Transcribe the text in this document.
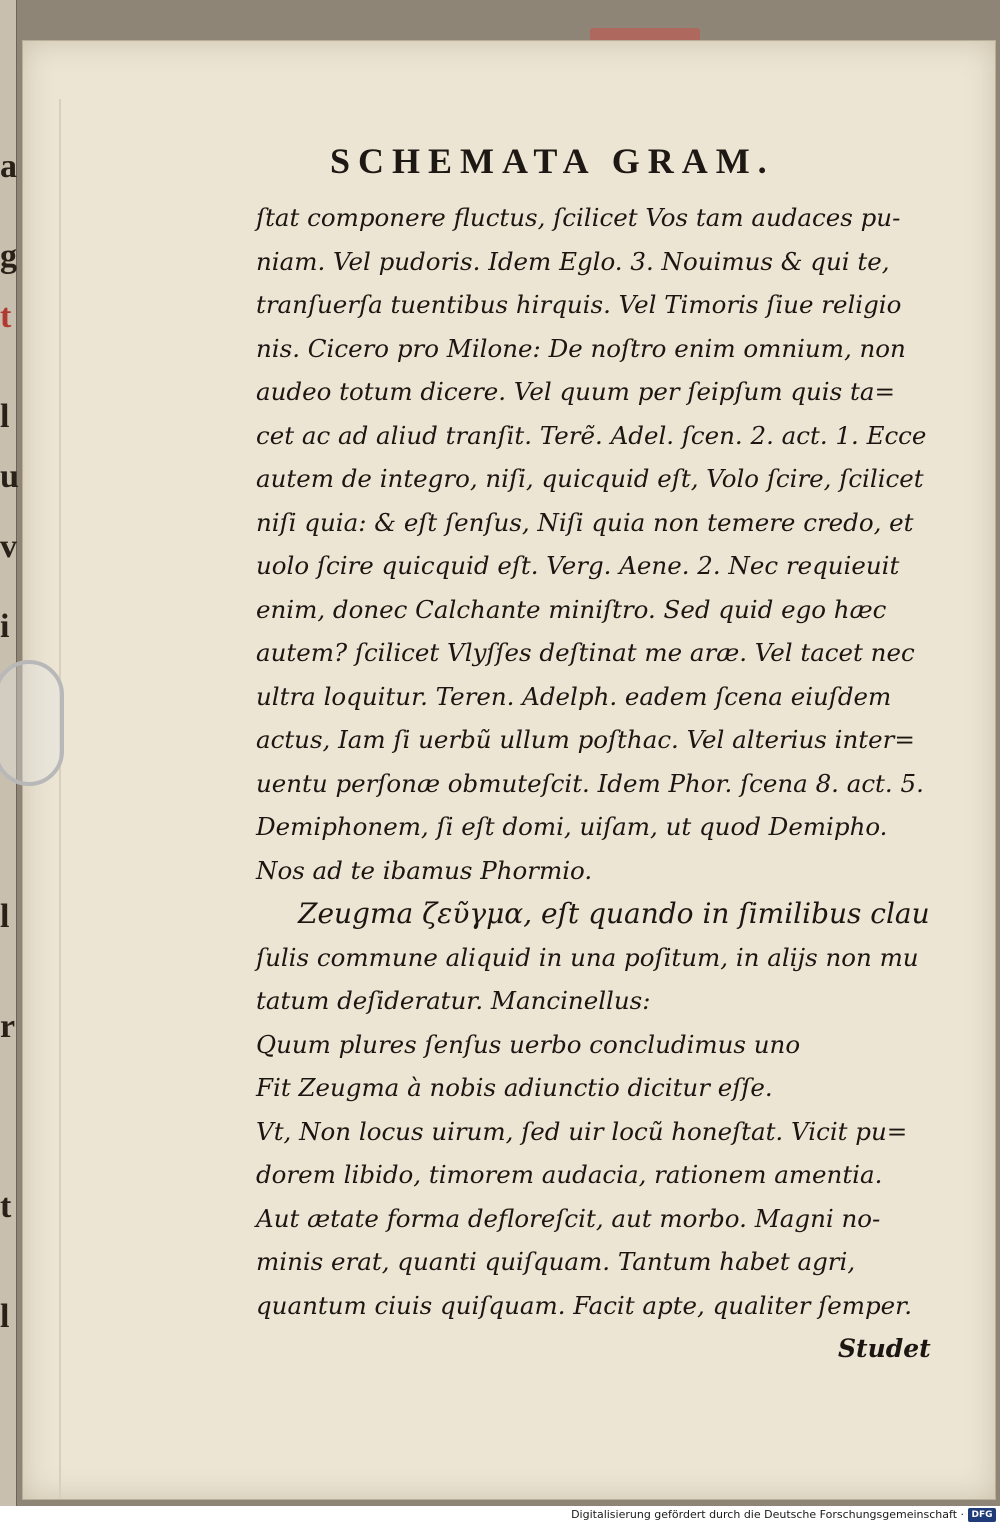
a
g
t
l
u
v
i
l
r
t
l
SCHEMATA GRAM.
ſtat componere fluctus, ſcilicet Vos tam audaces pu-
niam. Vel pudoris. Idem Eglo. 3. Nouimus & qui te,
tranſuerſa tuentibus hirquis. Vel Timoris ſiue religio
nis. Cicero pro Milone: De noſtro enim omnium, non
audeo totum dicere. Vel quum per ſeipſum quis ta=
cet ac ad aliud tranſit. Terẽ. Adel. ſcen. 2. act. 1. Ecce
autem de integro, niſi, quicquid eſt, Volo ſcire, ſcilicet
niſi quia: & eſt ſenſus, Niſi quia non temere credo, et
uolo ſcire quicquid eſt. Verg. Aene. 2. Nec requieuit
enim, donec Calchante miniſtro. Sed quid ego hæc
autem? ſcilicet Vlyſſes deſtinat me aræ. Vel tacet nec
ultra loquitur. Teren. Adelph. eadem ſcena eiuſdem
actus, Iam ſi uerbũ ullum poſthac. Vel alterius inter=
uentu perſonæ obmuteſcit. Idem Phor. ſcena 8. act. 5.
Demiphonem, ſi eſt domi, uiſam, ut quod Demipho.
Nos ad te ibamus Phormio.
Zeugma ζεῦγμα, eſt quando in ſimilibus clau
ſulis commune aliquid in una poſitum, in alijs non mu
tatum deſideratur. Mancinellus:
Quum plures ſenſus uerbo concludimus uno
Fit Zeugma à nobis adiunctio dicitur eſſe.
Vt, Non locus uirum, ſed uir locũ honeſtat. Vicit pu=
dorem libido, timorem audacia, rationem amentia.
Aut ætate forma defloreſcit, aut morbo. Magni no-
minis erat, quanti quiſquam. Tantum habet agri,
quantum ciuis quiſquam. Facit apte, qualiter ſemper.
Studet
Digitalisierung gefördert durch die Deutsche Forschungsgemeinschaft · DFG
